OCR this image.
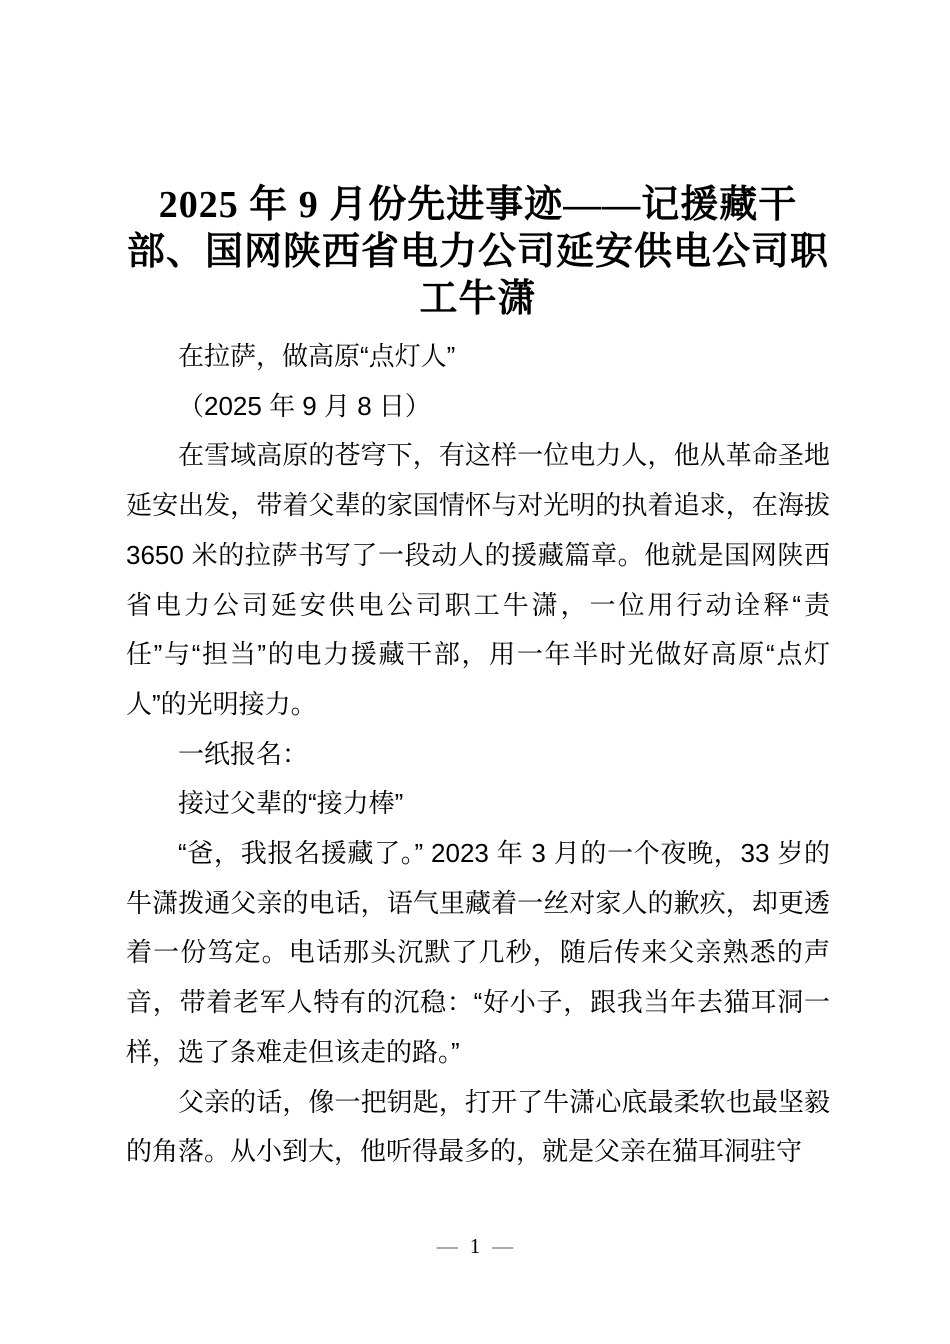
2025 年 9 月份先进事迹——记援藏干部、国网陕西省电力公司延安供电公司职工牛潇

在拉萨，做高原“点灯人”

（2025 年 9 月 8 日）

在雪域高原的苍穹下，有这样一位电力人，他从革命圣地延安出发，带着父辈的家国情怀与对光明的执着追求，在海拔 3650 米的拉萨书写了一段动人的援藏篇章。他就是国网陕西省电力公司延安供电公司职工牛潇，一位用行动诠释“责任”与“担当”的电力援藏干部，用一年半时光做好高原“点灯人”的光明接力。

一纸报名：

接过父辈的“接力棒”

“爸，我报名援藏了。” 2023 年 3 月的一个夜晚，33 岁的牛潇拨通父亲的电话，语气里藏着一丝对家人的歉疚，却更透着一份笃定。电话那头沉默了几秒，随后传来父亲熟悉的声音，带着老军人特有的沉稳：“好小子，跟我当年去猫耳洞一样，选了条难走但该走的路。”

父亲的话，像一把钥匙，打开了牛潇心底最柔软也最坚毅的角落。从小到大，他听得最多的，就是父亲在猫耳洞驻守

— 1 —
